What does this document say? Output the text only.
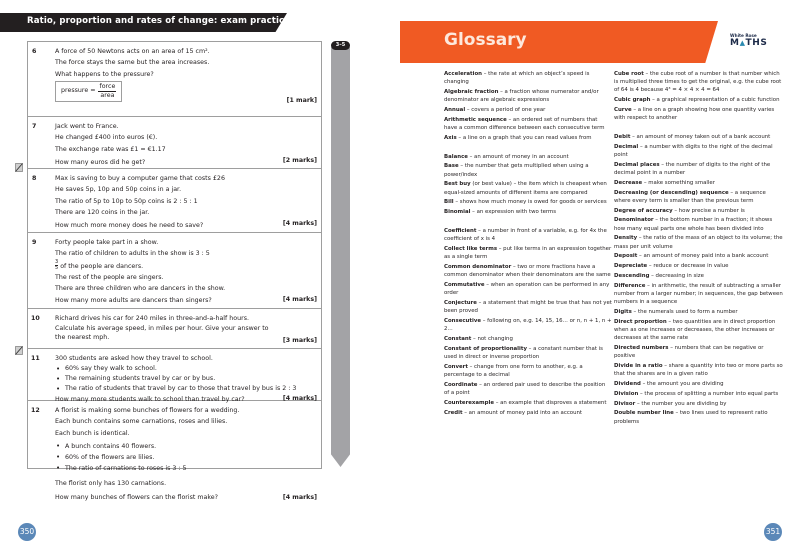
Ratio, proportion and rates of change: exam practice
6	A force of 50 Newtons acts on an area of 15 cm².
The force stays the same but the area increases.
What happens to the pressure?
pressure = $\frac{\text{force}}{\text{area}}$
[1 mark]
7	Jack went to France.
He changed £400 into euros (€).
The exchange rate was £1 = €1.17
How many euros did he get?	[2 marks]
8	Max is saving to buy a computer game that costs £26
He saves 5p, 10p and 50p coins in a jar.
The ratio of 5p to 10p to 50p coins is 2 : 5 : 1
There are 120 coins in the jar.
How much more money does he need to save?	[4 marks]
9	Forty people take part in a show.
The ratio of children to adults in the show is 3 : 5
$\frac{3}{5}$ of the people are dancers.
The rest of the people are singers.
There are three children who are dancers in the show.
How many more adults are dancers than singers?	[4 marks]
10	Richard drives his car for 240 miles in three-and-a-half hours.
Calculate his average speed, in miles per hour. Give your answer to
the nearest mph.	[3 marks]
11	300 students are asked how they travel to school.
• 60% say they walk to school.
• The remaining students travel by car or by bus.
• The ratio of students that travel by car to those that travel by bus is 2 : 3
How many more students walk to school than travel by car?	[4 marks]
12	A florist is making some bunches of flowers for a wedding.
Each bunch contains some carnations, roses and lilies.
Each bunch is identical.
• A bunch contains 40 flowers.
• 60% of the flowers are lilies.
• The ratio of carnations to roses is 3 : 5
The florist only has 130 carnations.
How many bunches of flowers can the florist make?	[4 marks]
3–5
350
Glossary	White Rose
M▲THS
Acceleration – the rate at which an object’s speed is changing
Algebraic fraction – a fraction whose numerator and/or denominator are algebraic expressions
Annual – covers a period of one year
Arithmetic sequence – an ordered set of numbers that have a common difference between each consecutive term
Axis – a line on a graph that you can read values from
Balance – an amount of money in an account
Base – the number that gets multiplied when using a power/index
Best buy (or best value) – the item which is cheapest when equal-sized amounts of different items are compared
Bill – shows how much money is owed for goods or services
Binomial – an expression with two terms
Coefficient – a number in front of a variable, e.g. for 4x the coefficient of x is 4
Collect like terms – put like terms in an expression together as a single term
Common denominator – two or more fractions have a common denominator when their denominators are the same
Commutative – when an operation can be performed in any order
Conjecture – a statement that might be true that has not yet been proved
Consecutive – following on, e.g. 14, 15, 16… or n, n + 1, n + 2…
Constant – not changing
Constant of proportionality – a constant number that is used in direct or inverse proportion
Convert – change from one form to another, e.g. a percentage to a decimal
Coordinate – an ordered pair used to describe the position of a point
Counterexample – an example that disproves a statement
Credit – an amount of money paid into an account
Cube root – the cube root of a number is that number which is multiplied three times to get the original, e.g. the cube root of 64 is 4 because 4³ = 4 × 4 × 4 = 64
Cubic graph – a graphical representation of a cubic function
Curve – a line on a graph showing how one quantity varies with respect to another
Debit – an amount of money taken out of a bank account
Decimal – a number with digits to the right of the decimal point
Decimal places – the number of digits to the right of the decimal point in a number
Decrease – make something smaller
Decreasing (or descending) sequence – a sequence where every term is smaller than the previous term
Degree of accuracy – how precise a number is
Denominator – the bottom number in a fraction; it shows how many equal parts one whole has been divided into
Density – the ratio of the mass of an object to its volume; the mass per unit volume
Deposit – an amount of money paid into a bank account
Depreciate – reduce or decrease in value
Descending – decreasing in size
Difference – in arithmetic, the result of subtracting a smaller number from a larger number; in sequences, the gap between numbers in a sequence
Digits – the numerals used to form a number
Direct proportion – two quantities are in direct proportion when as one increases or decreases, the other increases or decreases at the same rate
Directed numbers – numbers that can be negative or positive
Divide in a ratio – share a quantity into two or more parts so that the shares are in a given ratio
Dividend – the amount you are dividing
Division – the process of splitting a number into equal parts
Divisor – the number you are dividing by
Double number line – two lines used to represent ratio problems
351
